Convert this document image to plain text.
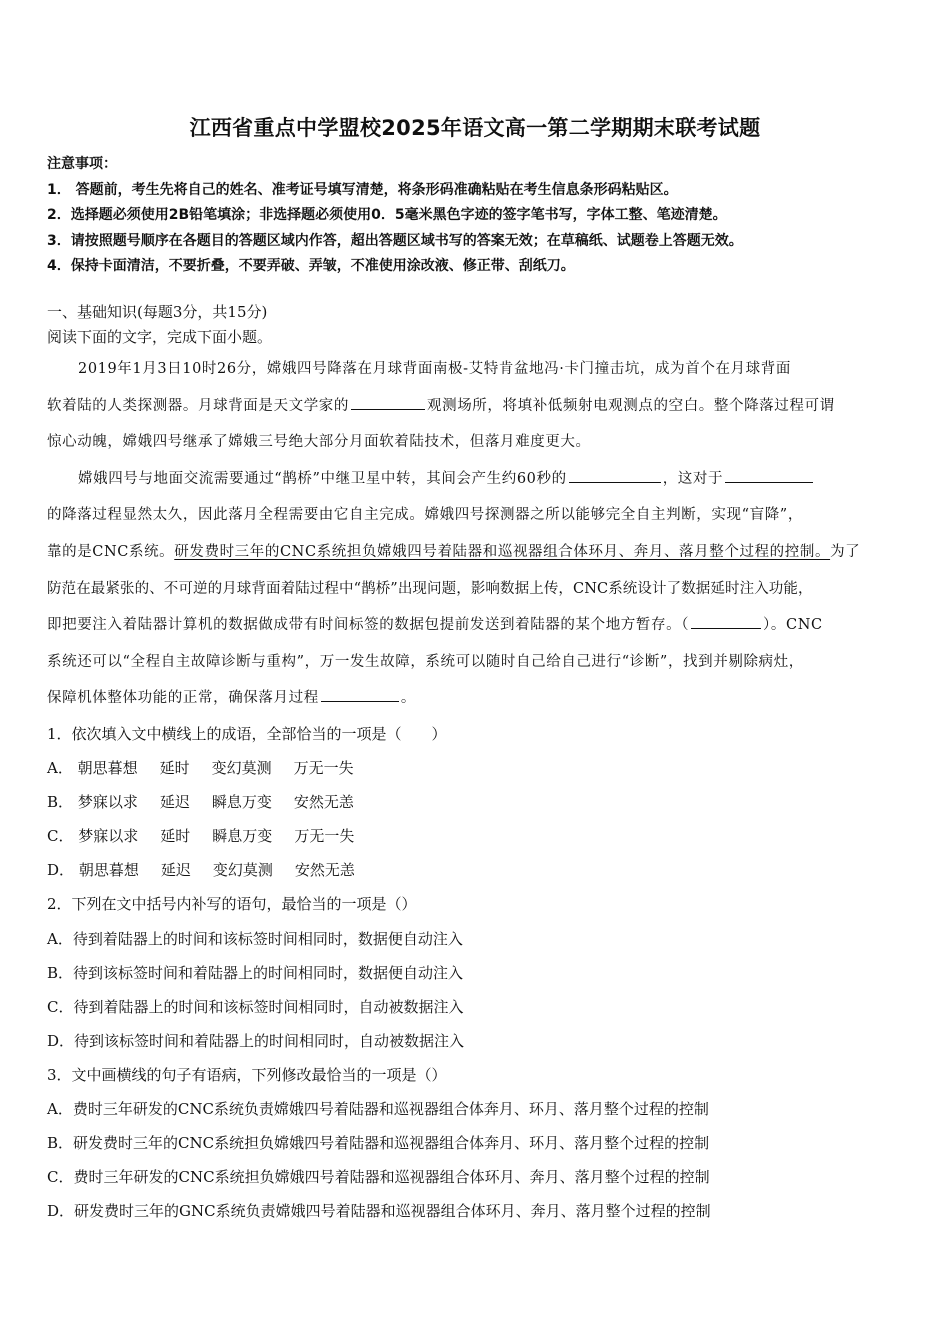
江西省重点中学盟校2025年语文高一第二学期期末联考试题
注意事项：
1． 答题前，考生先将自己的姓名、准考证号填写清楚，将条形码准确粘贴在考生信息条形码粘贴区。
2．选择题必须使用2B铅笔填涂；非选择题必须使用0．5毫米黑色字迹的签字笔书写，字体工整、笔迹清楚。
3．请按照题号顺序在各题目的答题区域内作答，超出答题区域书写的答案无效；在草稿纸、试题卷上答题无效。
4．保持卡面清洁，不要折叠，不要弄破、弄皱，不准使用涂改液、修正带、刮纸刀。
一、基础知识(每题3分，共15分)
阅读下面的文字，完成下面小题。
2019年1月3日10时26分，嫦娥四号降落在月球背面南极-艾特肯盆地冯·卡门撞击坑，成为首个在月球背面
软着陆的人类探测器。月球背面是天文学家的	观测场所，将填补低频射电观测点的空白。整个降落过程可谓
惊心动魄，嫦娥四号继承了嫦娥三号绝大部分月面软着陆技术，但落月难度更大。
嫦娥四号与地面交流需要通过“鹊桥”中继卫星中转，其间会产生约60秒的	，这对于
的降落过程显然太久，因此落月全程需要由它自主完成。嫦娥四号探测器之所以能够完全自主判断，实现“盲降”，
靠的是CNC系统。研发费时三年的CNC系统担负嫦娥四号着陆器和巡视器组合体环月、奔月、落月整个过程的控制。为了
防范在最紧张的、不可逆的月球背面着陆过程中“鹊桥”出现问题，影响数据上传，CNC系统设计了数据延时注入功能，
即把要注入着陆器计算机的数据做成带有时间标签的数据包提前发送到着陆器的某个地方暂存。（	）。CNC
系统还可以“全程自主故障诊断与重构”，万一发生故障，系统可以随时自己给自己进行“诊断”，找到并剔除病灶，
保障机体整体功能的正常，确保落月过程	。
1．依次填入文中横线上的成语，全部恰当的一项是（　　）
A． 朝思暮想 延时 变幻莫测 万无一失
B． 梦寐以求 延迟 瞬息万变 安然无恙
C． 梦寐以求 延时 瞬息万变 万无一失
D． 朝思暮想 延迟 变幻莫测 安然无恙
2．下列在文中括号内补写的语句，最恰当的一项是（）
A．待到着陆器上的时间和该标签时间相同时，数据便自动注入
B．待到该标签时间和着陆器上的时间相同时，数据便自动注入
C．待到着陆器上的时间和该标签时间相同时，自动被数据注入
D．待到该标签时间和着陆器上的时间相同时，自动被数据注入
3．文中画横线的句子有语病，下列修改最恰当的一项是（）
A．费时三年研发的CNC系统负责嫦娥四号着陆器和巡视器组合体奔月、环月、落月整个过程的控制
B．研发费时三年的CNC系统担负嫦娥四号着陆器和巡视器组合体奔月、环月、落月整个过程的控制
C．费时三年研发的CNC系统担负嫦娥四号着陆器和巡视器组合体环月、奔月、落月整个过程的控制
D．研发费时三年的GNC系统负责嫦娥四号着陆器和巡视器组合体环月、奔月、落月整个过程的控制
